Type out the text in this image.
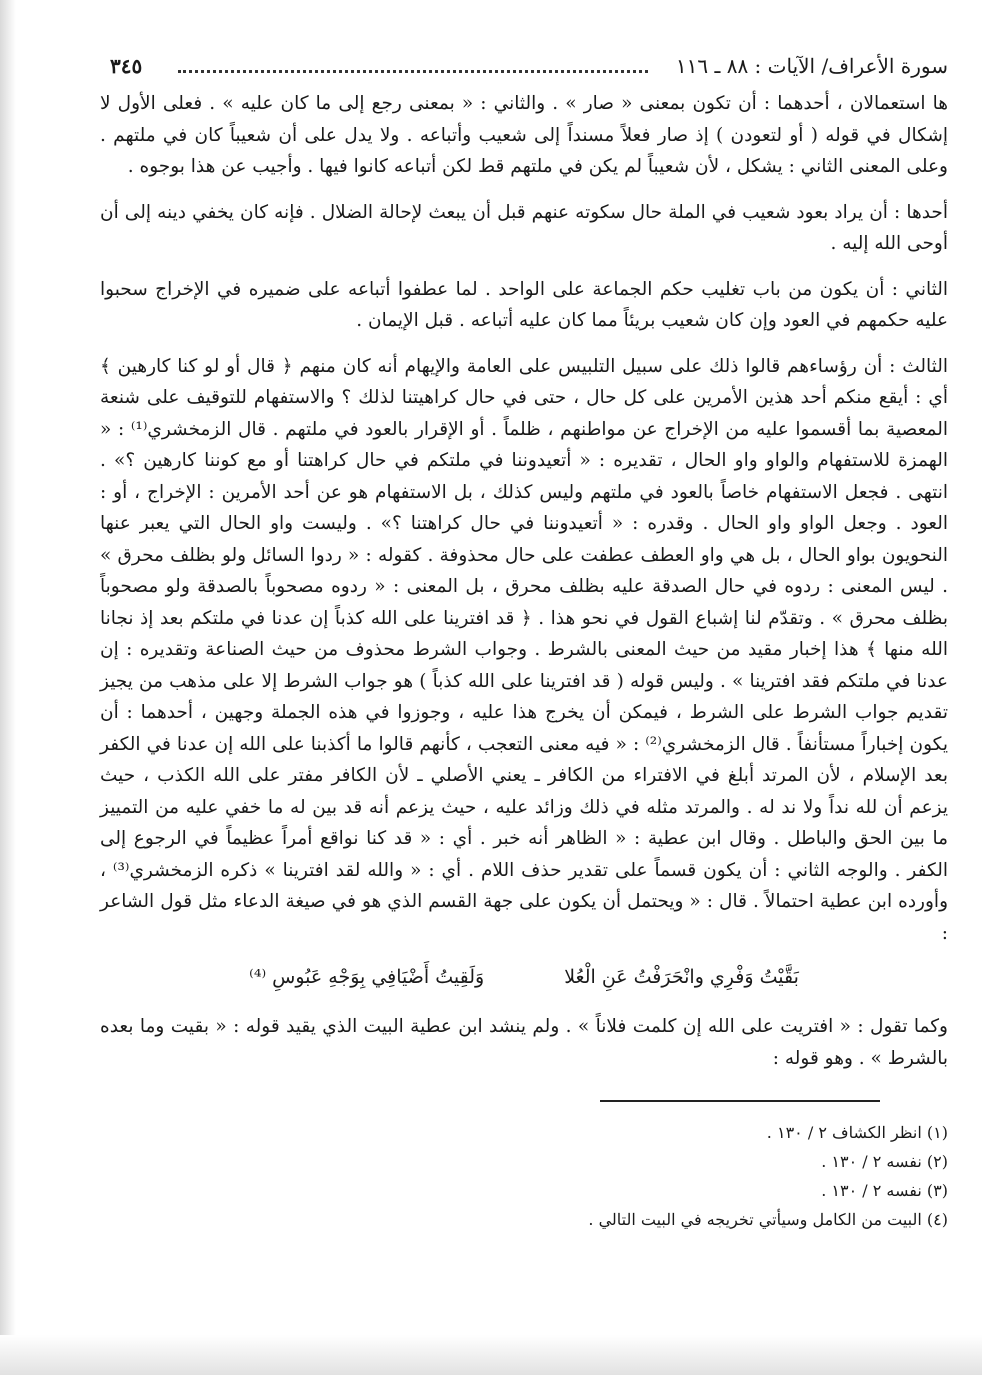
سورة الأعراف/ الآيات : ٨٨ ـ ١١٦
٣٤٥

ها استعمالان ، أحدهما : أن تكون بمعنى « صار » . والثاني : « بمعنى رجع إلى ما كان عليه » . فعلى الأول لا إشكال في قوله ( أو لتعودن ) إذ صار فعلاً مسنداً إلى شعيب وأتباعه . ولا يدل على أن شعيباً كان في ملتهم . وعلى المعنى الثاني : يشكل ، لأن شعيباً لم يكن في ملتهم قط لكن أتباعه كانوا فيها . وأجيب عن هذا بوجوه .

أحدها : أن يراد بعود شعيب في الملة حال سكوته عنهم قبل أن يبعث لإحالة الضلال . فإنه كان يخفي دينه إلى أن أوحى الله إليه .

الثاني : أن يكون من باب تغليب حكم الجماعة على الواحد . لما عطفوا أتباعه على ضميره في الإخراج سحبوا عليه حكمهم في العود وإن كان شعيب بريئاً مما كان عليه أتباعه . قبل الإيمان .

الثالث : أن رؤساءهم قالوا ذلك على سبيل التلبيس على العامة والإيهام أنه كان منهم ﴿ قال أو لو كنا كارهين ﴾ أي : أيقع منكم أحد هذين الأمرين على كل حال ، حتى في حال كراهيتنا لذلك ؟ والاستفهام للتوقيف على شنعة المعصية بما أقسموا عليه من الإخراج عن مواطنهم ، ظلماً . أو الإقرار بالعود في ملتهم . قال الزمخشري⁽¹⁾ : « الهمزة للاستفهام والواو واو الحال ، تقديره : « أتعيدوننا في ملتكم في حال كراهتنا أو مع كوننا كارهين ؟» . انتهى . فجعل الاستفهام خاصاً بالعود في ملتهم وليس كذلك ، بل الاستفهام هو عن أحد الأمرين : الإخراج ، أو : العود . وجعل الواو واو الحال . وقدره : « أتعيدوننا في حال كراهتنا ؟» . وليست واو الحال التي يعبر عنها النحويون بواو الحال ، بل هي واو العطف عطفت على حال محذوفة . كقوله : « ردوا السائل ولو بظلف محرق » . ليس المعنى : ردوه في حال الصدقة عليه بظلف محرق ، بل المعنى : « ردوه مصحوباً بالصدقة ولو مصحوباً بظلف محرق » . وتقدّم لنا إشباع القول في نحو هذا . ﴿ قد افترينا على الله كذباً إن عدنا في ملتكم بعد إذ نجانا الله منها ﴾ هذا إخبار مقيد من حيث المعنى بالشرط . وجواب الشرط محذوف من حيث الصناعة وتقديره : إن عدنا في ملتكم فقد افترينا » . وليس قوله ( قد افترينا على الله كذباً ) هو جواب الشرط إلا على مذهب من يجيز تقديم جواب الشرط على الشرط ، فيمكن أن يخرج هذا عليه ، وجوزوا في هذه الجملة وجهين ، أحدهما : أن يكون إخباراً مستأنفاً . قال الزمخشري⁽²⁾ : « فيه معنى التعجب ، كأنهم قالوا ما أكذبنا على الله إن عدنا في الكفر بعد الإسلام ، لأن المرتد أبلغ في الافتراء من الكافر ـ يعني الأصلي ـ لأن الكافر مفتر على الله الكذب ، حيث يزعم أن لله نداً ولا ند له . والمرتد مثله في ذلك وزائد عليه ، حيث يزعم أنه قد بين له ما خفي عليه من التمييز ما بين الحق والباطل . وقال ابن عطية : « الظاهر أنه خبر . أي : « قد كنا نواقع أمراً عظيماً في الرجوع إلى الكفر . والوجه الثاني : أن يكون قسماً على تقدير حذف اللام . أي : « والله لقد افترينا » ذكره الزمخشري⁽³⁾ ، وأورده ابن عطية احتمالاً . قال : « ويحتمل أن يكون على جهة القسم الذي هو في صيغة الدعاء مثل قول الشاعر :

بَقَّيْتُ وَفْرِي وانْحَرَفْتُ عَنِ الْعُلا
وَلَقِيتُ أَضْيَافِي بِوَجْهِ عَبُوسِ ⁽⁴⁾

وكما تقول : « افتريت على الله إن كلمت فلاناً » . ولم ينشد ابن عطية البيت الذي يقيد قوله : « بقيت وما بعده بالشرط » . وهو قوله :

(١) انظر الكشاف ٢ / ١٣٠ .
(٢) نفسه ٢ / ١٣٠ .
(٣) نفسه ٢ / ١٣٠ .
(٤) البيت من الكامل وسيأتي تخريجه في البيت التالي .
